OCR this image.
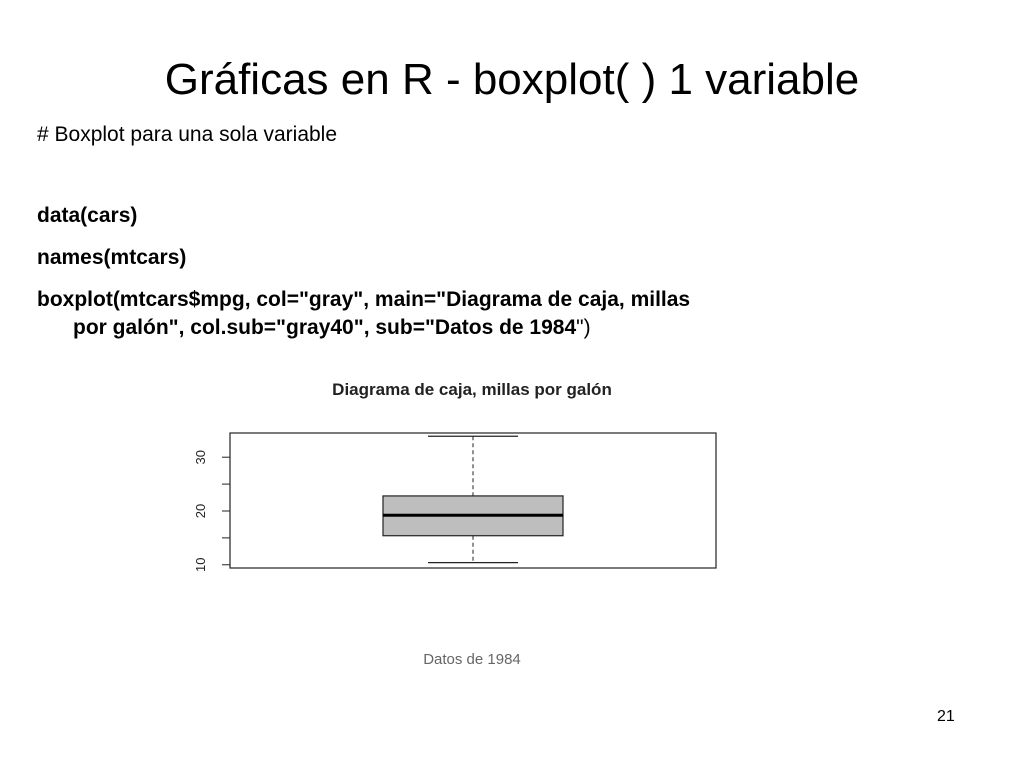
Gráficas en R - boxplot( ) 1 variable
# Boxplot para una sola variable
data(cars)
names(mtcars)
boxplot(mtcars$mpg, col="gray", main="Diagrama de caja, millas
por galón", col.sub="gray40", sub="Datos de 1984")
Diagrama de caja, millas por galón
10
20
30
Datos de 1984
21
